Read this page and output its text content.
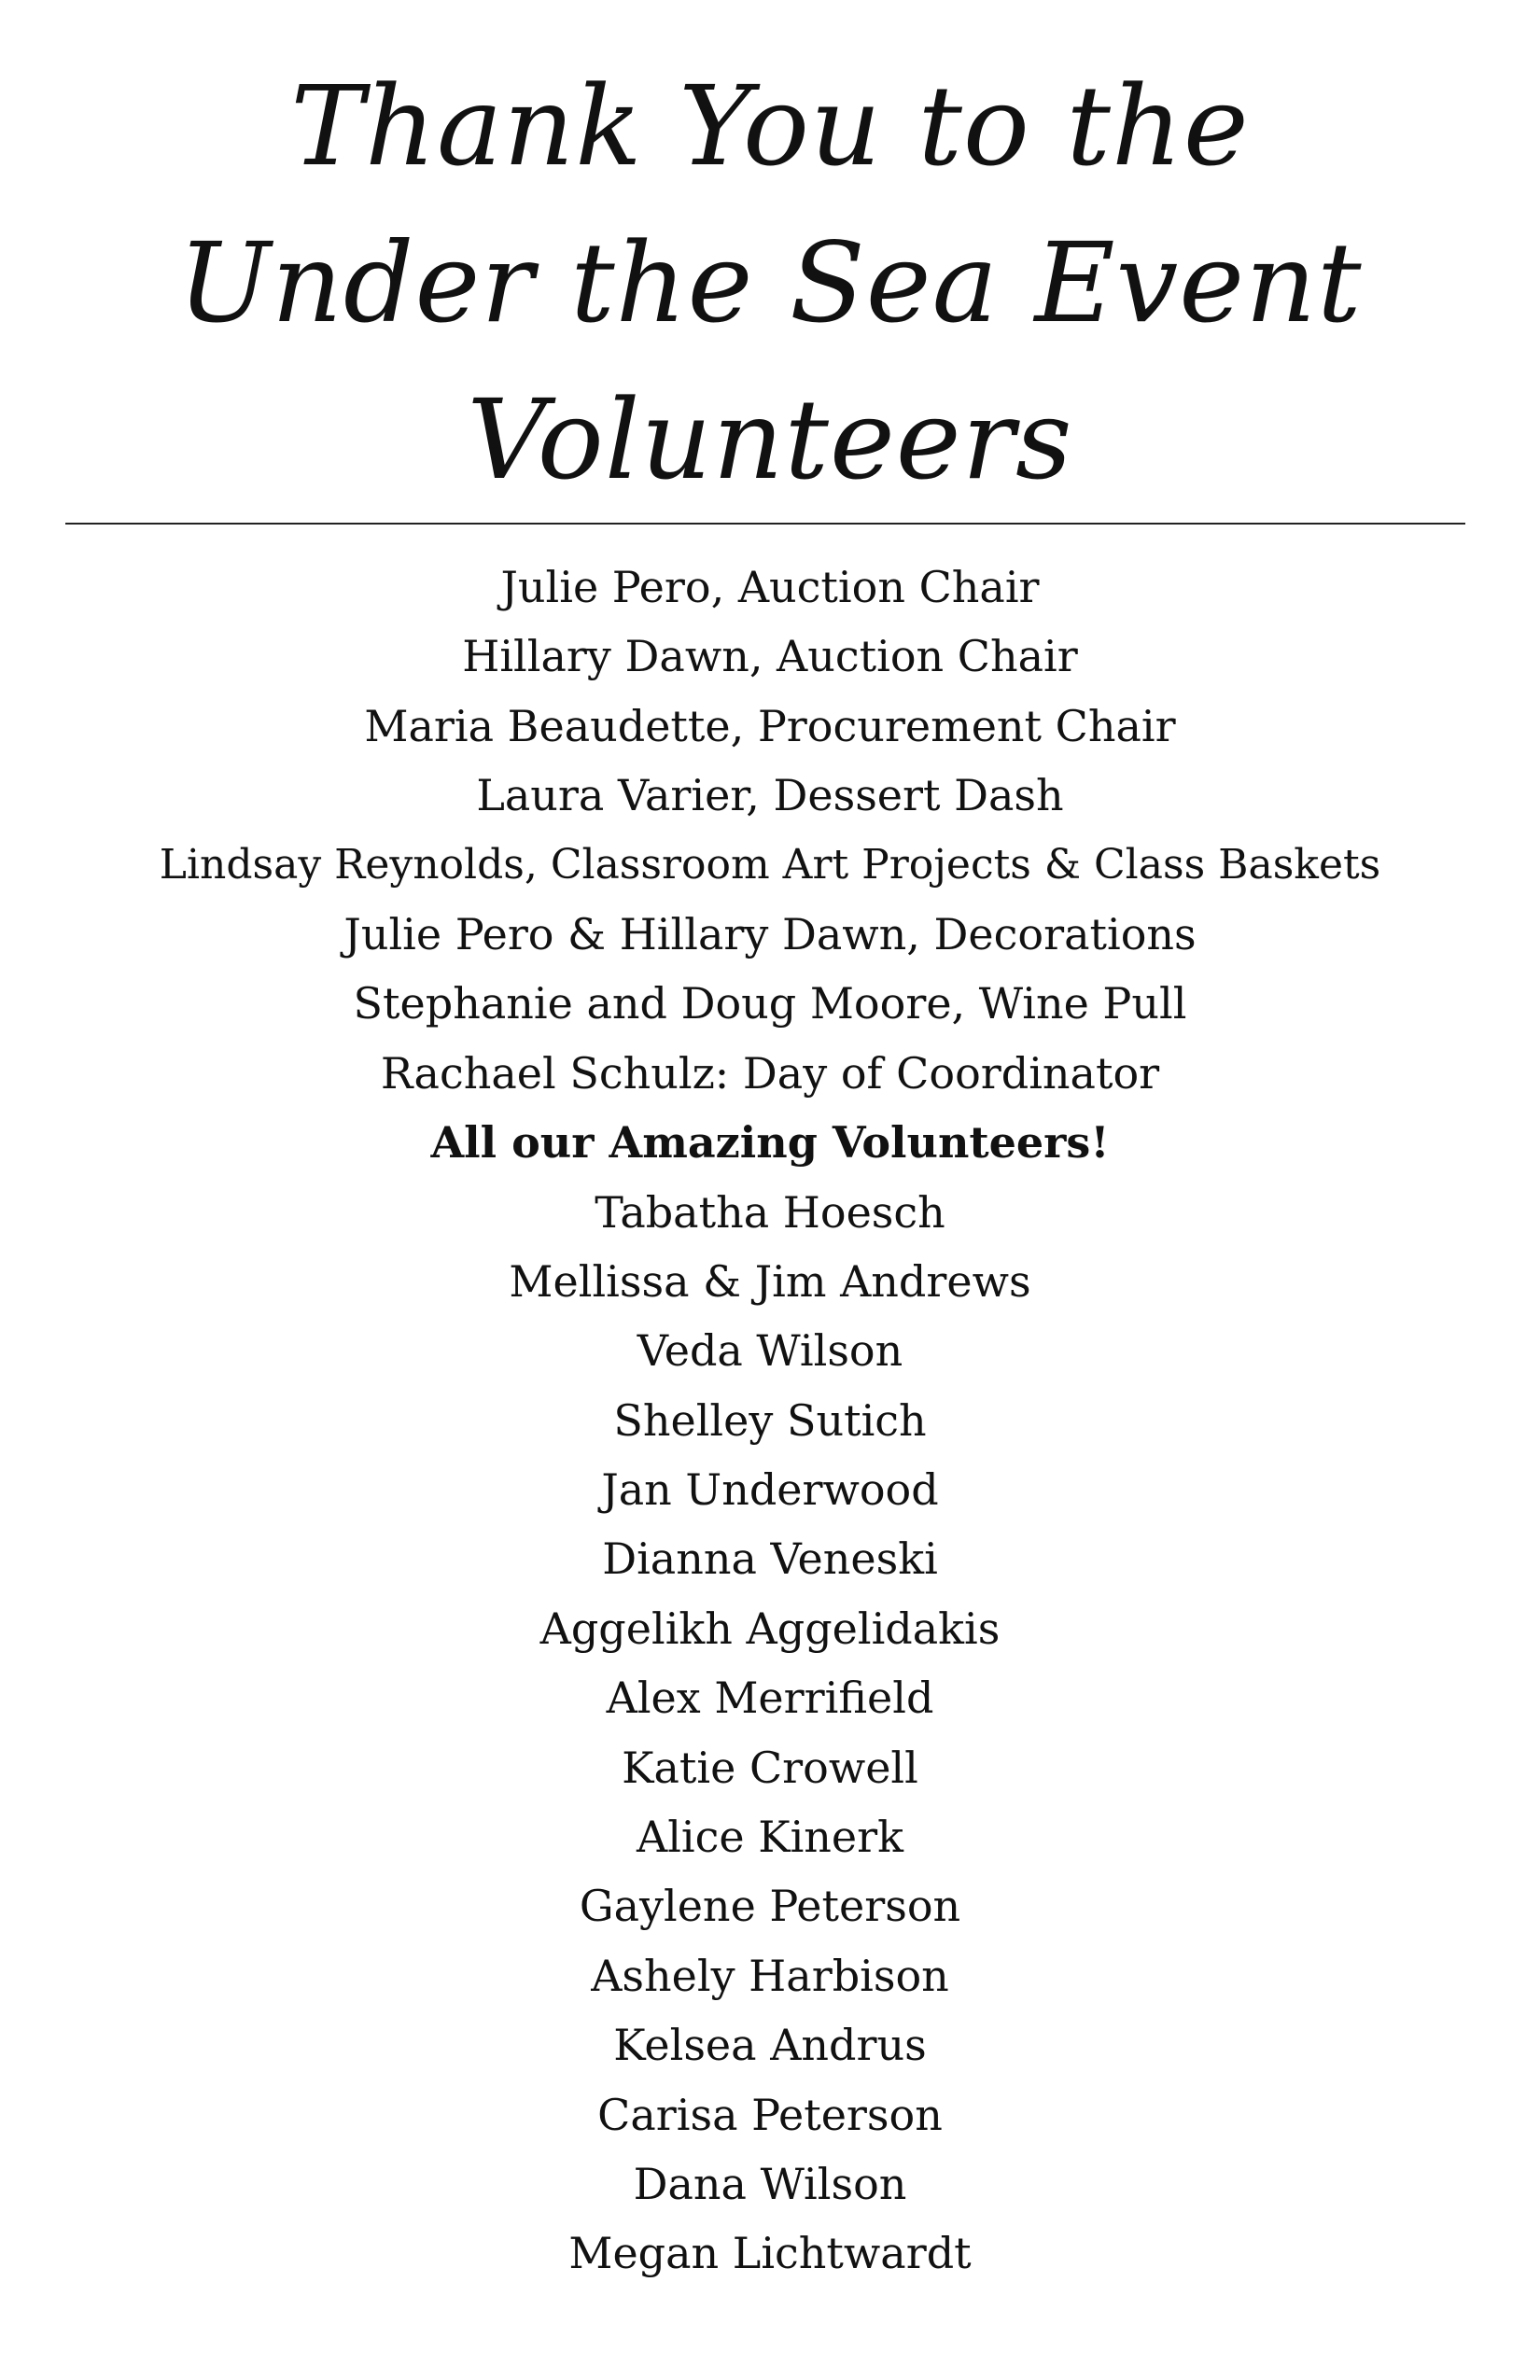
Thank You to the
Under the Sea Event
Volunteers
Julie Pero, Auction Chair
Hillary Dawn, Auction Chair
Maria Beaudette, Procurement Chair
Laura Varier, Dessert Dash
Lindsay Reynolds, Classroom Art Projects & Class Baskets
Julie Pero & Hillary Dawn, Decorations
Stephanie and Doug Moore, Wine Pull
Rachael Schulz: Day of Coordinator
All our Amazing Volunteers!
Tabatha Hoesch
Mellissa & Jim Andrews
Veda Wilson
Shelley Sutich
Jan Underwood
Dianna Veneski
Aggelikh Aggelidakis
Alex Merrifield
Katie Crowell
Alice Kinerk
Gaylene Peterson
Ashely Harbison
Kelsea Andrus
Carisa Peterson
Dana Wilson
Megan Lichtwardt
